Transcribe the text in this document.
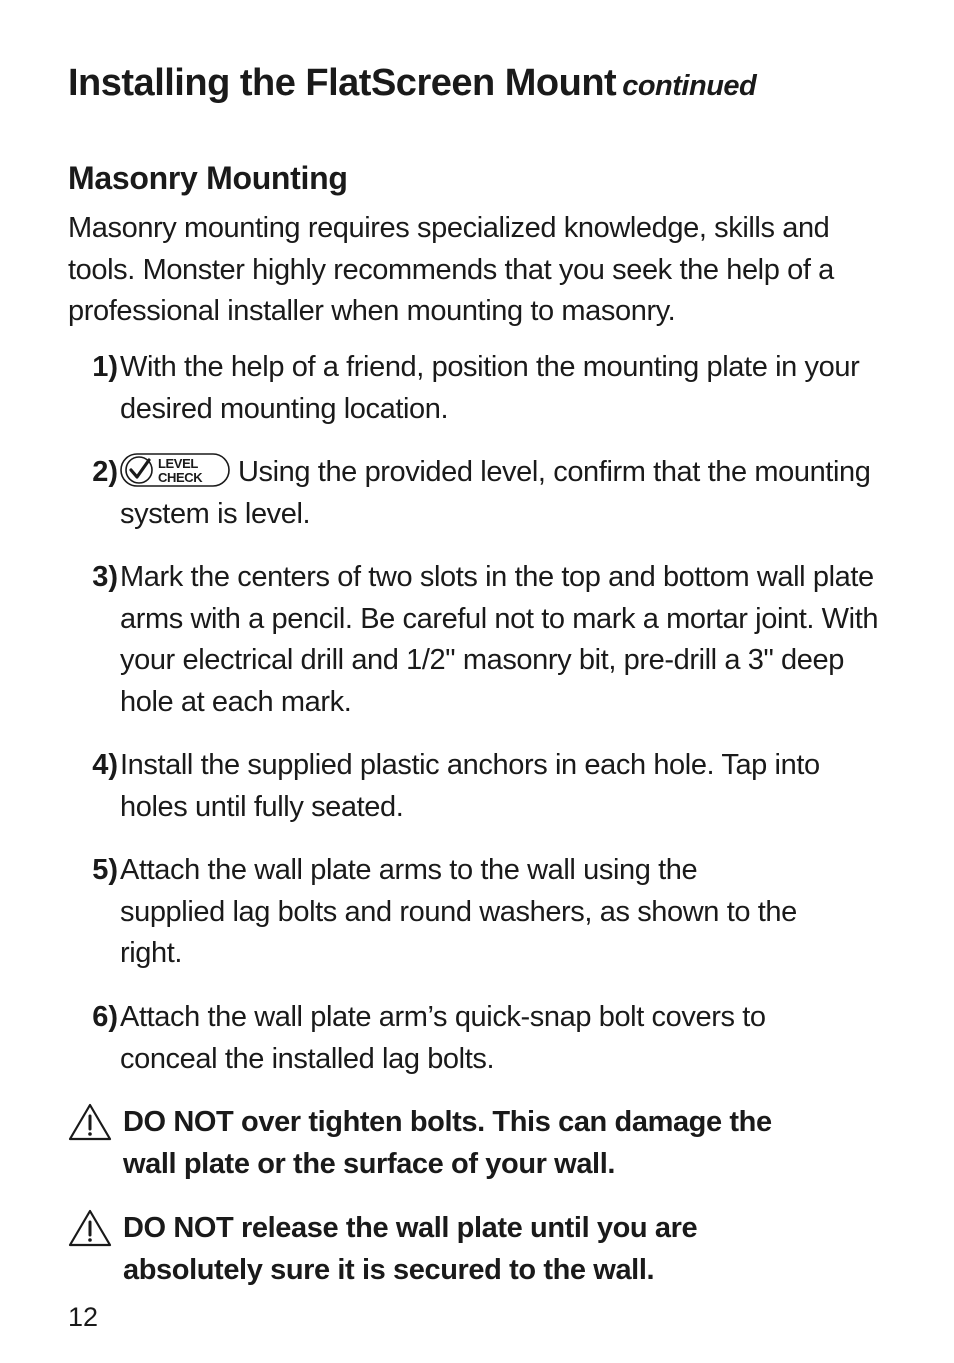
Installing the FlatScreen Mount continued
Masonry Mounting

Masonry mounting requires specialized knowledge, skills and tools. Monster highly recommends that you seek the help of a professional installer when mounting to masonry.

1) With the help of a friend, position the mounting plate in your desired mounting location.
2)	LEVEL
CHECK Using the provided level, confirm that the mounting system is level.
3) Mark the centers of two slots in the top and bottom wall plate arms with a pencil. Be careful not to mark a mortar joint. With your electrical drill and 1/2" masonry bit, pre-drill a 3" deep hole at each mark.
4) Install the supplied plastic anchors in each hole. Tap into holes until fully seated.
5) Attach the wall plate arms to the wall using the supplied lag bolts and round washers, as shown to the right.
6) Attach the wall plate arm’s quick-snap bolt covers to conceal the installed lag bolts.
DO NOT over tighten bolts. This can damage the wall plate or the surface of your wall.
DO NOT release the wall plate until you are absolutely sure it is secured to the wall.
12
